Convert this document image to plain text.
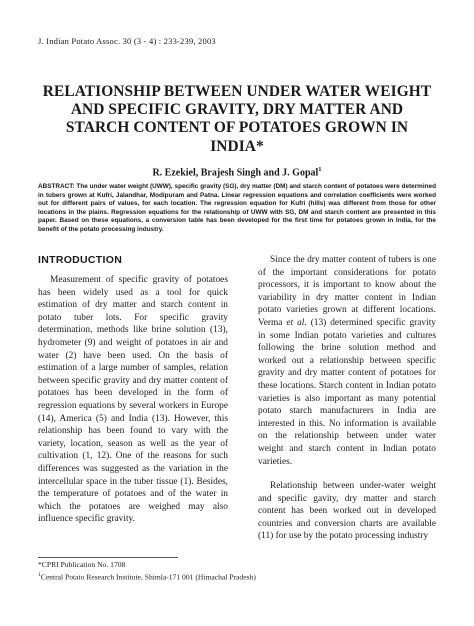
J. Indian Potato Assoc. 30 (3 - 4) : 233-239, 2003
RELATIONSHIP BETWEEN UNDER WATER WEIGHT AND SPECIFIC GRAVITY, DRY MATTER AND STARCH CONTENT OF POTATOES GROWN IN INDIA*
R. Ezekiel, Brajesh Singh and J. Gopal$^1$

ABSTRACT: The under water weight (UWW), specific gravity (SG), dry matter (DM) and starch content of potatoes were determined in tubers grown at Kufri, Jalandhar, Modipuram and Patna. Linear regression equations and correlation coefficients were worked out for different pairs of values, for each location. The regression equation for Kufri (hills) was different from those for other locations in the plains. Regression equations for the relationship of UWW with SG, DM and starch content are presented in this paper. Based on these equations, a conversion table has been developed for the first time for potatoes grown in India, for the benefit of the potato processing industry.

INTRODUCTION

Measurement of specific gravity of potatoes has been widely used as a tool for quick estimation of dry matter and starch content in potato tuber lots. For specific gravity determination, methods like brine solution (13), hydrometer (9) and weight of potatoes in air and water (2) have been used. On the basis of estimation of a large number of samples, relation between specific gravity and dry matter content of potatoes has been developed in the form of regression equations by several workers in Europe (14), America (5) and India (13). However, this relationship has been found to vary with the variety, location, season as well as the year of cultivation (1, 12). One of the reasons for such differences was suggested as the variation in the intercellular space in the tuber tissue (1). Besides, the temperature of potatoes and of the water in which the potatoes are weighed may also influence specific gravity.

Since the dry matter content of tubers is one of the important considerations for potato processors, it is important to know about the variability in dry matter content in Indian potato varieties grown at different locations. Verma et al. (13) determined specific gravity in some Indian potato varieties and cultures following the brine solution method and worked out a relationship between specific gravity and dry matter content of potatoes for these locations. Starch content in Indian potato varieties is also important as many potential potato starch manufacturers in India are interested in this. No information is available on the relationship between under water weight and starch content in Indian potato varieties.

Relationship between under-water weight and specific gavity, dry matter and starch content has been worked out in developed countries and conversion charts are available (11) for use by the potato processing industry

*CPRI Publication No. 1708
$^1$Central Potato Research Institute, Shimla-171 001 (Himachal Pradesh)
